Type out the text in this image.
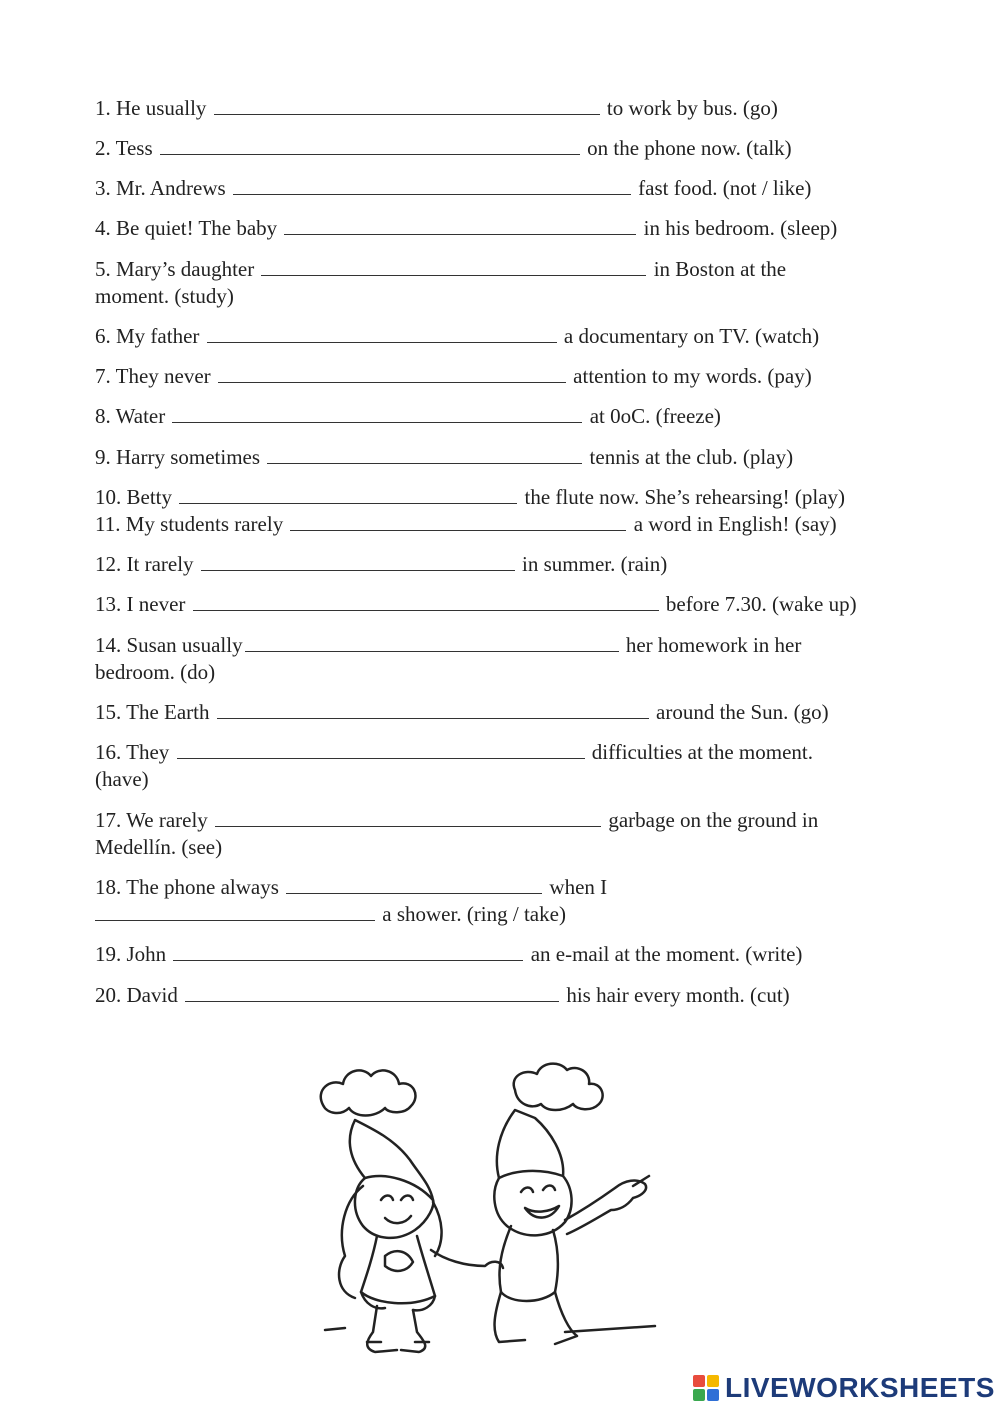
1. He usually	to work by bus. (go)
2. Tess	on the phone now. (talk)
3. Mr. Andrews	fast food. (not / like)
4. Be quiet! The baby	in his bedroom. (sleep)
5. Mary’s daughter	in Boston at the
moment. (study)
6. My father	a documentary on TV. (watch)
7. They never	attention to my words. (pay)
8. Water	at 0oC. (freeze)
9. Harry sometimes	tennis at the club. (play)
10. Betty	the flute now. She’s rehearsing! (play)
11. My students rarely	a word in English! (say)
12. It rarely	in summer. (rain)
13. I never	before 7.30. (wake up)
14. Susan usually	her homework in her
bedroom. (do)
15. The Earth	around the Sun. (go)
16. They	difficulties at the moment.
(have)
17. We rarely	garbage on the ground in
Medellín. (see)
18. The phone always	when I
a shower. (ring / take)
19. John	an e-mail at the moment. (write)
20. David	his hair every month. (cut)
LIVEWORKSHEETS
